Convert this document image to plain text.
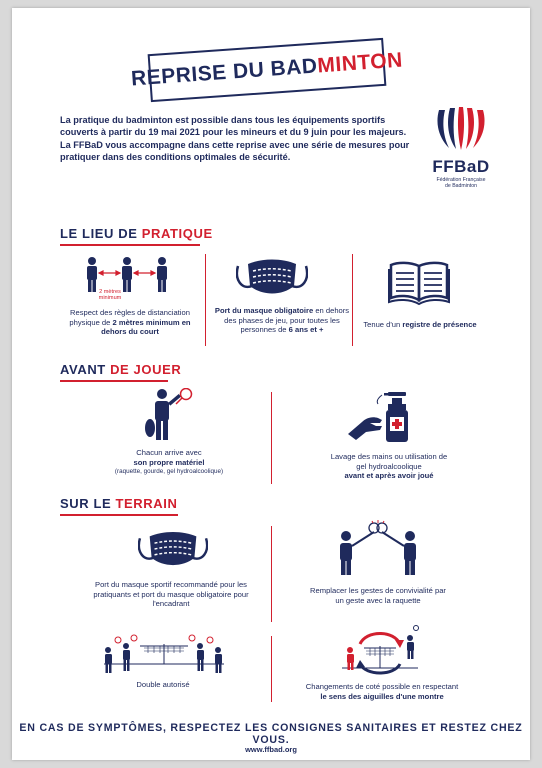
REPRISE DU BADMINTON

La pratique du badminton est possible dans tous les équipements sportifs couverts à partir du 19 mai 2021 pour les mineurs et du 9 juin pour les majeurs.

La FFBaD vous accompagne dans cette reprise avec une série de mesures pour pratiquer dans des conditions optimales de sécurité.

FFBaD
Fédération Française
de Badminton
LE LIEU DE PRATIQUE
2 mètres
minimum
Respect des règles de distanciation physique de 2 mètres minimum en dehors du court
Port du masque obligatoire en dehors des phases de jeu, pour toutes les personnes de 6 ans et +
Tenue d'un registre de présence
AVANT DE JOUER
Chacun arrive avec
son propre matériel
(raquette, gourde, gel hydroalcoolique)
Lavage des mains ou utilisation de gel hydroalcoolique
avant et après avoir joué
SUR LE TERRAIN
Port du masque sportif recommandé pour les pratiquants et port du masque obligatoire pour l'encadrant
Remplacer les gestes de convivialité par un geste avec la raquette
Double autorisé	Changements de coté possible en respectant
le sens des aiguilles d'une montre
EN CAS DE SYMPTÔMES, RESPECTEZ LES CONSIGNES SANITAIRES ET RESTEZ CHEZ VOUS.
www.ffbad.org
